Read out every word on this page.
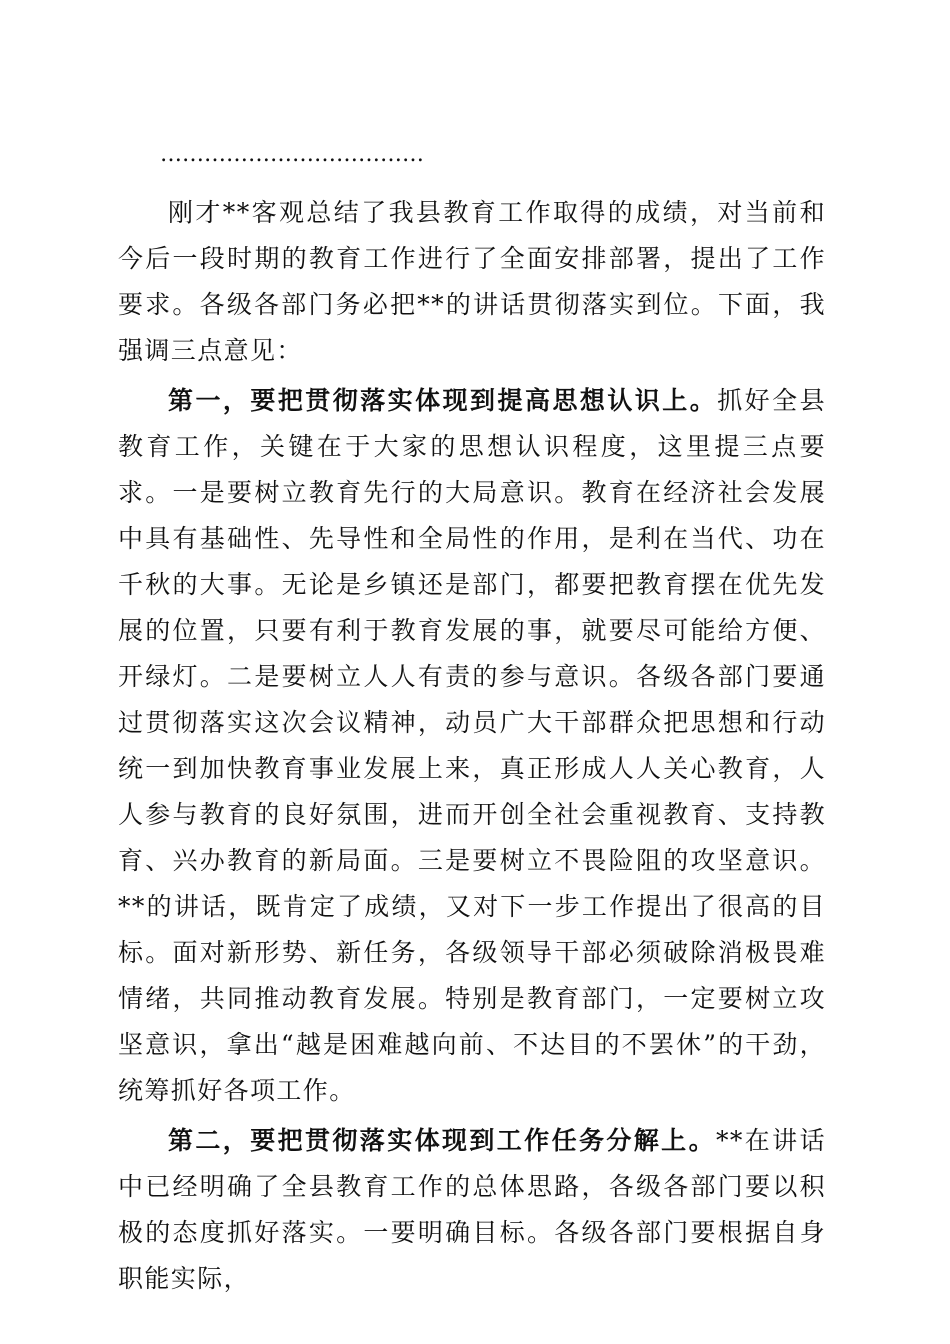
………………………………

刚才**客观总结了我县教育工作取得的成绩，对当前和今后一段时期的教育工作进行了全面安排部署，提出了工作要求。各级各部门务必把**的讲话贯彻落实到位。下面，我强调三点意见：

第一，要把贯彻落实体现到提高思想认识上。抓好全县教育工作，关键在于大家的思想认识程度，这里提三点要求。一是要树立教育先行的大局意识。教育在经济社会发展中具有基础性、先导性和全局性的作用，是利在当代、功在千秋的大事。无论是乡镇还是部门，都要把教育摆在优先发展的位置，只要有利于教育发展的事，就要尽可能给方便、开绿灯。二是要树立人人有责的参与意识。各级各部门要通过贯彻落实这次会议精神，动员广大干部群众把思想和行动统一到加快教育事业发展上来，真正形成人人关心教育，人人参与教育的良好氛围，进而开创全社会重视教育、支持教育、兴办教育的新局面。三是要树立不畏险阻的攻坚意识。**的讲话，既肯定了成绩，又对下一步工作提出了很高的目标。面对新形势、新任务，各级领导干部必须破除消极畏难情绪，共同推动教育发展。特别是教育部门，一定要树立攻坚意识，拿出“越是困难越向前、不达目的不罢休”的干劲，统筹抓好各项工作。

第二，要把贯彻落实体现到工作任务分解上。**在讲话中已经明确了全县教育工作的总体思路，各级各部门要以积极的态度抓好落实。一要明确目标。各级各部门要根据自身职能实际，
